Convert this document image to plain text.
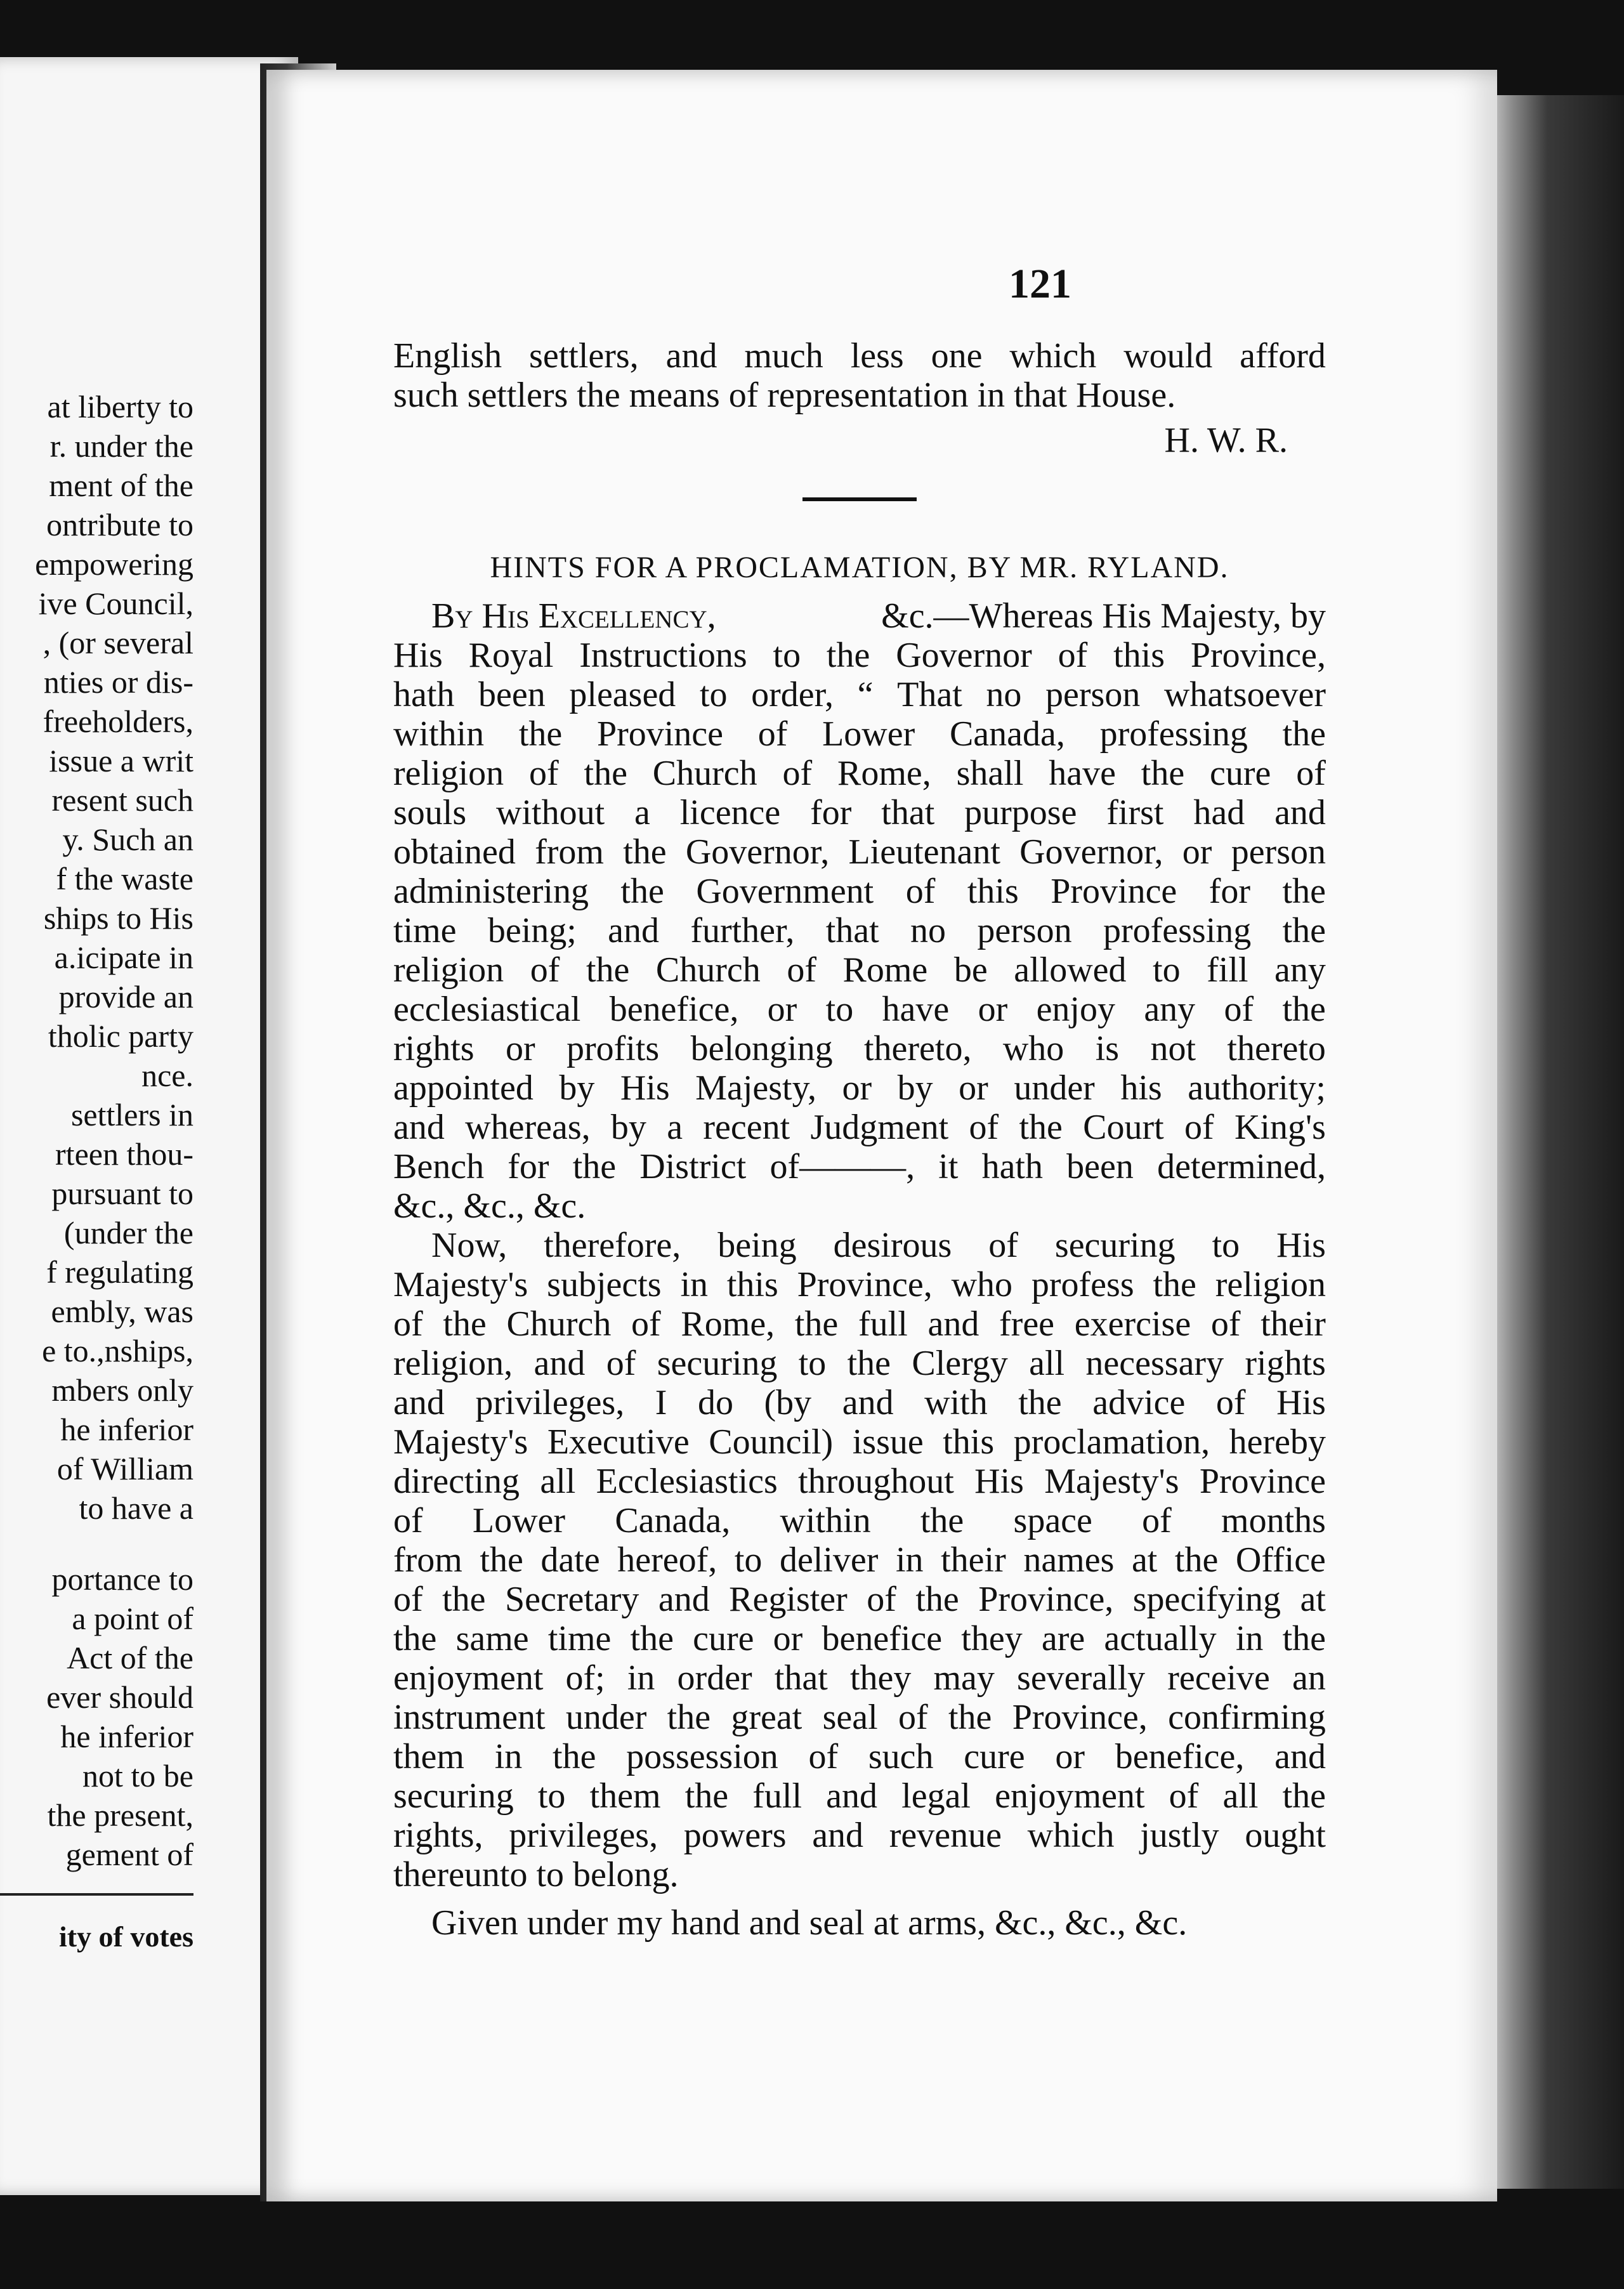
at liberty to
r. under the
ment of the
ontribute to
empowering
ive Council,
, (or several
nties or dis-
freeholders,
issue a writ
resent such
y. Such an
f the waste
ships to His
a.icipate in
provide an
tholic party
nce.
settlers in
rteen thou-
pursuant to
(under the
f regulating
embly, was
e to.,nships,
mbers only
he inferior
of William
to have a
portance to
a point of
Act of the
ever should
he inferior
not to be
the present,
gement of
ity of votes
121
English settlers, and much less one which would afford
such settlers the means of representation in that House.
H. W. R.
HINTS FOR A PROCLAMATION, BY MR. RYLAND.
By His Excellency,	&c.—Whereas His Majesty, by
His Royal Instructions to the Governor of this Province,
hath been pleased to order, “ That no person whatsoever
within the Province of Lower Canada, professing the
religion of the Church of Rome, shall have the cure of
souls without a licence for that purpose first had and
obtained from the Governor, Lieutenant Governor, or person
administering the Government of this Province for the
time being; and further, that no person professing the
religion of the Church of Rome be allowed to fill any
ecclesiastical benefice, or to have or enjoy any of the
rights or profits belonging thereto, who is not thereto
appointed by His Majesty, or by or under his authority;
and whereas, by a recent Judgment of the Court of King's
Bench for the District of———, it hath been determined,
&c., &c., &c.
Now, therefore, being desirous of securing to His
Majesty's subjects in this Province, who profess the religion
of the Church of Rome, the full and free exercise of their
religion, and of securing to the Clergy all necessary rights
and privileges, I do (by and with the advice of His
Majesty's Executive Council) issue this proclamation, hereby
directing all Ecclesiastics throughout His Majesty's Province
of Lower Canada, within the space of months
from the date hereof, to deliver in their names at the Office
of the Secretary and Register of the Province, specifying at
the same time the cure or benefice they are actually in the
enjoyment of; in order that they may severally receive an
instrument under the great seal of the Province, confirming
them in the possession of such cure or benefice, and
securing to them the full and legal enjoyment of all the
rights, privileges, powers and revenue which justly ought
thereunto to belong.
Given under my hand and seal at arms, &c., &c., &c.
